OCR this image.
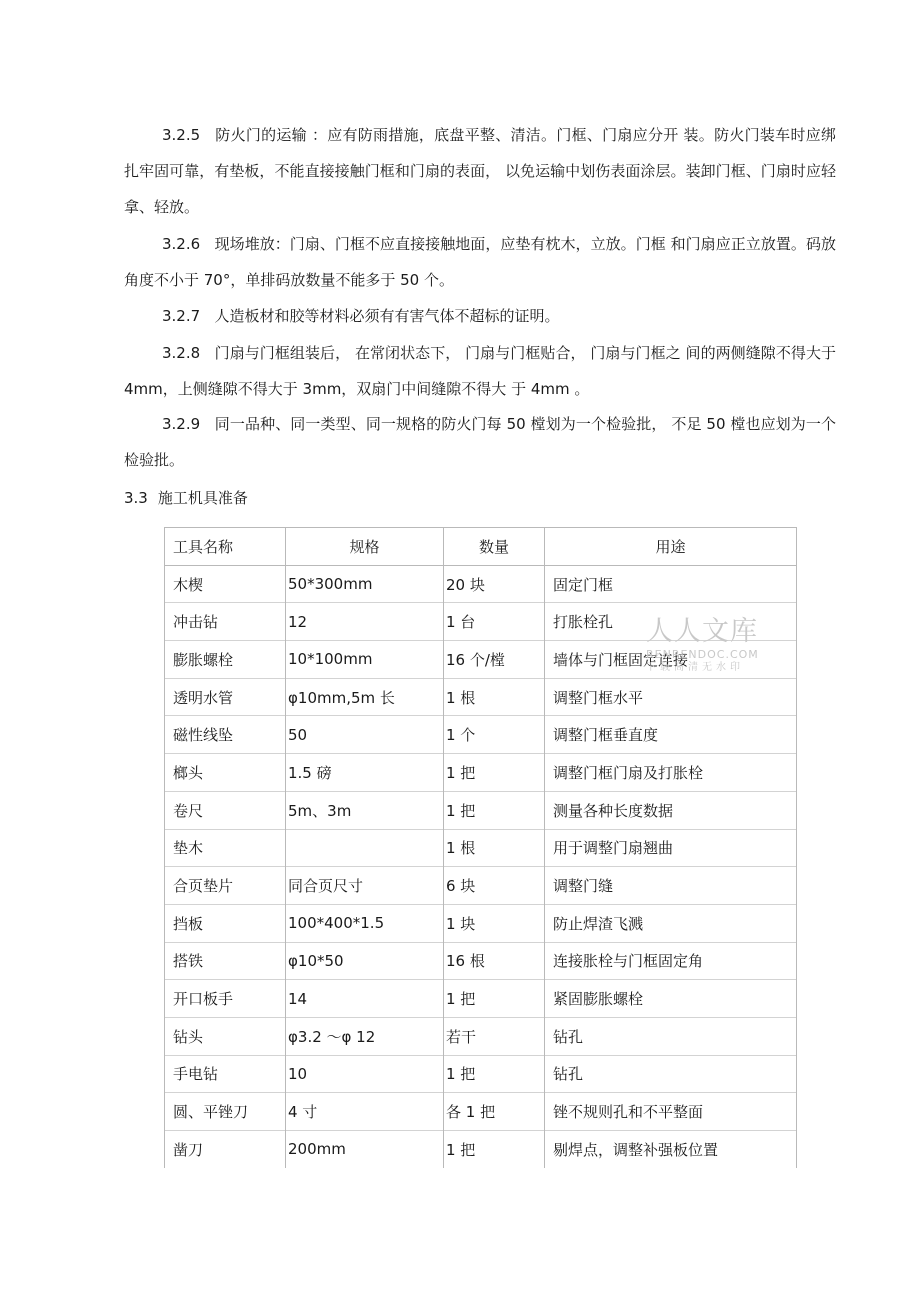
3.2.5 防火门的运输 ：应有防雨措施，底盘平整、清洁。门框、门扇应分开 装。防火门装车时应绑扎牢固可靠，有垫板，不能直接接触门框和门扇的表面， 以免运输中划伤表面涂层。装卸门框、门扇时应轻拿、轻放。

3.2.6 现场堆放：门扇、门框不应直接接触地面，应垫有枕木，立放。门框 和门扇应正立放置。码放角度不小于 70°，单排码放数量不能多于 50 个。

3.2.7 人造板材和胶等材料必须有有害气体不超标的证明。

3.2.8 门扇与门框组装后， 在常闭状态下， 门扇与门框贴合， 门扇与门框之 间的两侧缝隙不得大于 4mm，上侧缝隙不得大于 3mm，双扇门中间缝隙不得大 于 4mm 。

3.2.9 同一品种、同一类型、同一规格的防火门每 50 樘划为一个检验批， 不足 50 樘也应划为一个检验批。

3.3 施工机具准备

工具名称	规格	数量	用途
木楔	50*300mm	20 块	固定门框
冲击钻	12	1 台	打胀栓孔
膨胀螺栓	10*100mm	16 个/樘	墙体与门框固定连接
透明水管	φ10mm,5m 长	1 根	调整门框水平
磁性线坠	50	1 个	调整门框垂直度
榔头	1.5 磅	1 把	调整门框门扇及打胀栓
卷尺	5m、3m	1 把	测量各种长度数据
垫木		1 根	用于调整门扇翘曲
合页垫片	同合页尺寸	6 块	调整门缝
挡板	100*400*1.5	1 块	防止焊渣飞溅
搭铁	φ10*50	16 根	连接胀栓与门框固定角
开口板手	14	1 把	紧固膨胀螺栓
钻头	φ3.2 ～φ 12	若干	钻孔
手电钻	10	1 把	钻孔
圆、平锉刀	4 寸	各 1 把	锉不规则孔和不平整面
凿刀	200mm	1 把	剔焊点，调整补强板位置
人人文库
RENRENDOC.COM
下载高清无水印
